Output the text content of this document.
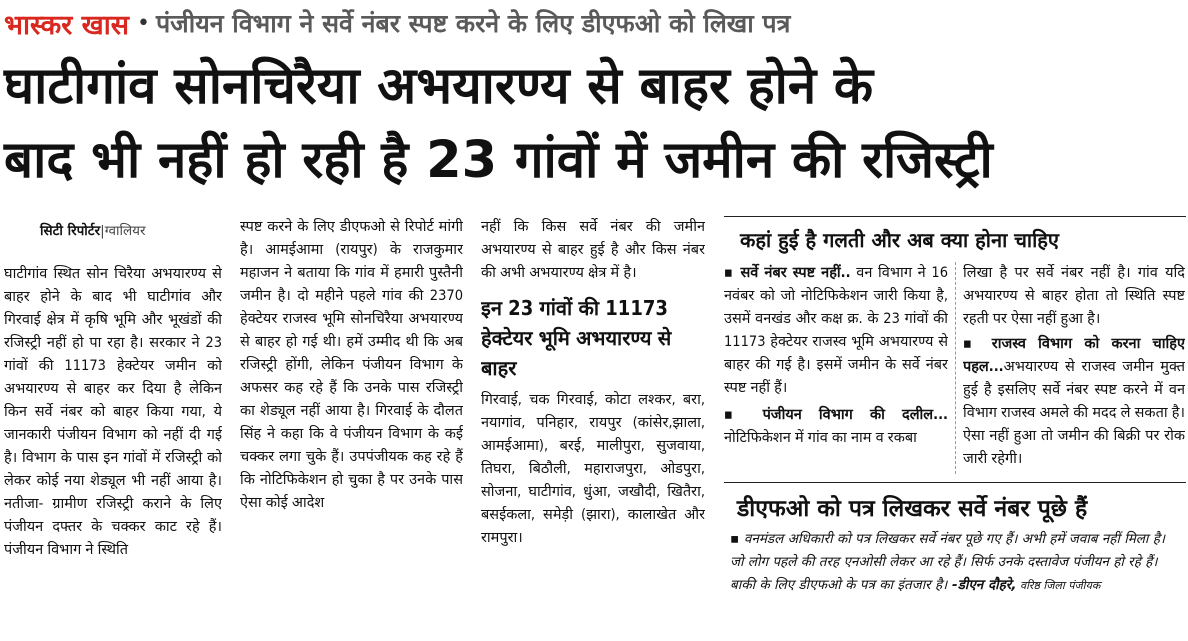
भास्कर खास • पंजीयन विभाग ने सर्वे नंबर स्पष्ट करने के लिए डीएफओ को लिखा पत्र
घाटीगांव सोनचिरैया अभयारण्य से बाहर होने के
बाद भी नहीं हो रही है 23 गांवों में जमीन की रजिस्ट्री
सिटी रिपोर्टर|ग्वालियर

घाटीगांव स्थित सोन चिरैया अभयारण्य से बाहर होने के बाद भी घाटीगांव और गिरवाई क्षेत्र में कृषि भूमि और भूखंडों की रजिस्ट्री नहीं हो पा रहा है। सरकार ने 23 गांवों की 11173 हेक्टेयर जमीन को अभयारण्य से बाहर कर दिया है लेकिन किन सर्वे नंबर को बाहर किया गया, ये जानकारी पंजीयन विभाग को नहीं दी गई है। विभाग के पास इन गांवों में रजिस्ट्री को लेकर कोई नया शेड्यूल भी नहीं आया है। नतीजा- ग्रामीण रजिस्ट्री कराने के लिए पंजीयन दफ्तर के चक्कर काट रहे हैं। पंजीयन विभाग ने स्थिति

स्पष्ट करने के लिए डीएफओ से रिपोर्ट मांगी है। आमईआमा (रायपुर) के राजकुमार महाजन ने बताया कि गांव में हमारी पुस्तैनी जमीन है। दो महीने पहले गांव की 2370 हेक्टेयर राजस्व भूमि सोनचिरैया अभयारण्य से बाहर हो गई थी। हमें उम्मीद थी कि अब रजिस्ट्री होंगी, लेकिन पंजीयन विभाग के अफसर कह रहे हैं कि उनके पास रजिस्ट्री का शेड्यूल नहीं आया है। गिरवाई के दौलत सिंह ने कहा कि वे पंजीयन विभाग के कई चक्कर लगा चुके हैं। उपपंजीयक कह रहे हैं कि नोटिफिकेशन हो चुका है पर उनके पास ऐसा कोई आदेश

नहीं कि किस सर्वे नंबर की जमीन अभयारण्य से बाहर हुई है और किस नंबर की अभी अभयारण्य क्षेत्र में है।

इन 23 गांवों की 11173 हेक्टेयर भूमि अभयारण्य से बाहर

गिरवाई, चक गिरवाई, कोटा लश्कर, बरा, नयागांव, पनिहार, रायपुर (कांसेर,झाला, आमईआमा), बरई, मालीपुरा, सुजवाया, तिघरा, बिठौली, महाराजपुरा, ओडपुरा, सोजना, घाटीगांव, धुंआ, जखौदी, खितैरा, बसईकला, समेड़ी (झारा), कालाखेत और रामपुरा।

कहां हुई है गलती और अब क्या होना चाहिए

▪ सर्वे नंबर स्पष्ट नहीं.. वन विभाग ने 16 नवंबर को जो नोटिफिकेशन जारी किया है, उसमें वनखंड और कक्ष क्र. के 23 गांवों की 11173 हेक्टेयर राजस्व भूमि अभयारण्य से बाहर की गई है। इसमें जमीन के सर्वे नंबर स्पष्ट नहीं हैं।

▪ पंजीयन विभाग की दलील... नोटिफिकेशन में गांव का नाम व रकबा

लिखा है पर सर्वे नंबर नहीं है। गांव यदि अभयारण्य से बाहर होता तो स्थिति स्पष्ट रहती पर ऐसा नहीं हुआ है।

▪ राजस्व विभाग को करना चाहिए पहल...अभयारण्य से राजस्व जमीन मुक्त हुई है इसलिए सर्वे नंबर स्पष्ट करने में वन विभाग राजस्व अमले की मदद ले सकता है। ऐसा नहीं हुआ तो जमीन की बिक्री पर रोक जारी रहेगी।

डीएफओ को पत्र लिखकर सर्वे नंबर पूछे हैं
▪ वनमंडल अधिकारी को पत्र लिखकर सर्वे नंबर पूछे गए हैं। अभी हमें जवाब नहीं मिला है। जो लोग पहले की तरह एनओसी लेकर आ रहे हैं। सिर्फ उनके दस्तावेज पंजीयन हो रहे हैं। बाकी के लिए डीएफओ के पत्र का इंतजार है। -डीएन दौहरे, वरिष्ठ जिला पंजीयक
